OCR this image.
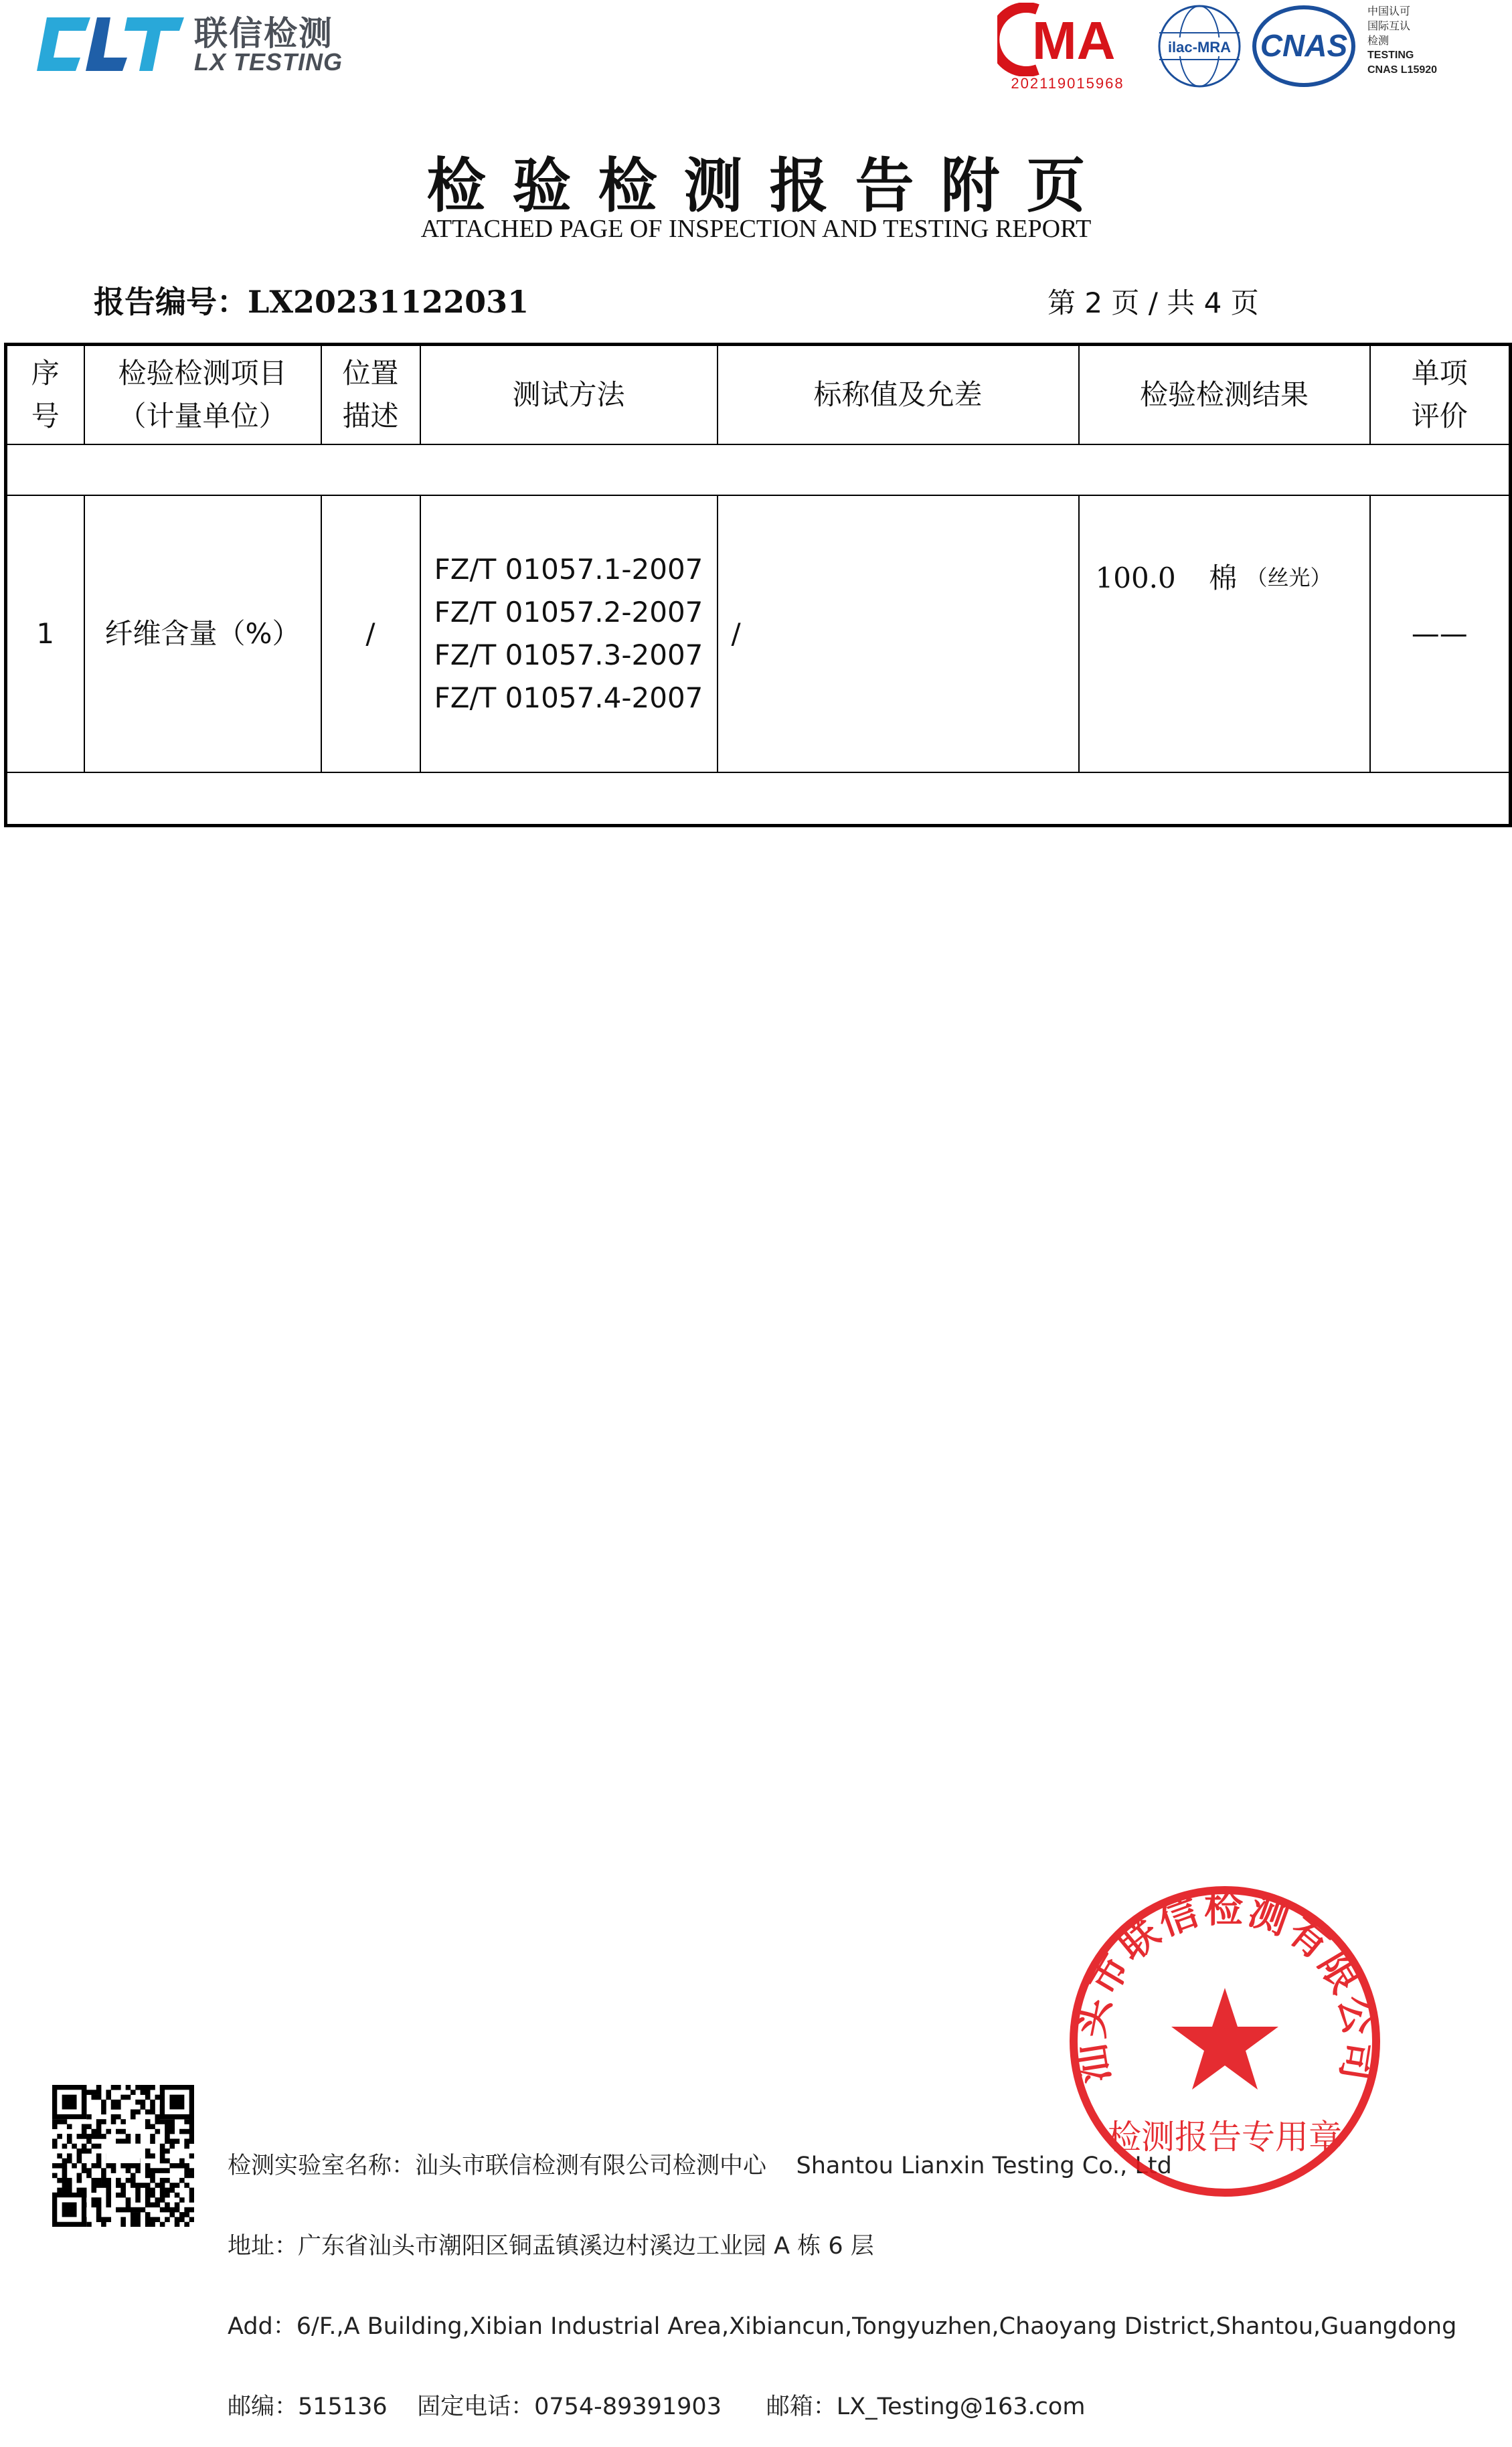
联信检测
LX TESTING	MA
202119015968
ilac-MRA CNAS
中国认可
国际互认
检测
TESTING
CNAS L15920
检验检测报告附页
ATTACHED PAGE OF INSPECTION AND TESTING REPORT
报告编号：LX20231122031	第 2 页 / 共 4 页
序号	检验检测项目（计量单位）	位置描述	测试方法	标称值及允差	检验检测结果	单项评价

1	纤维含量（%）	/	FZ/T 01057.1-2007
FZ/T 01057.2-2007
FZ/T 01057.3-2007
FZ/T 01057.4-2007	/	100.0 棉 （丝光）	——

检测实验室名称：汕头市联信检测有限公司检测中心    Shantou Lianxin Testing Co., Ltd

地址：广东省汕头市潮阳区铜盂镇溪边村溪边工业园 A 栋 6 层

Add：6/F.,A Building,Xibian Industrial Area,Xibiancun,Tongyuzhen,Chaoyang District,Shantou,Guangdong

邮编：515136    固定电话：0754-89391903      邮箱：LX_Testing@163.com

汕头市联信检测有限公司
检测报告专用章
